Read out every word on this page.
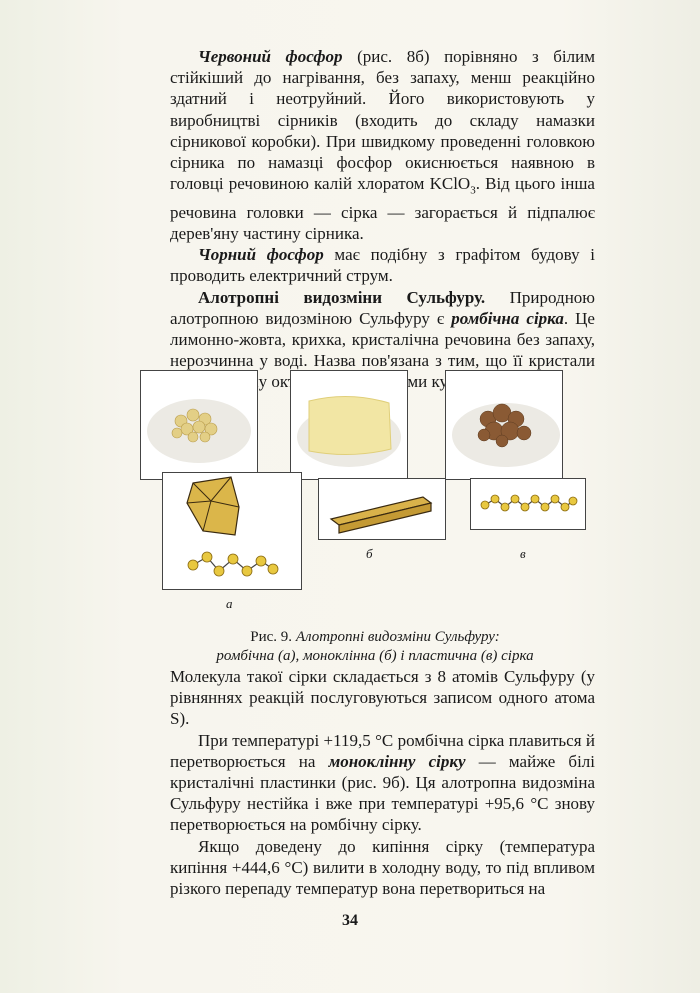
Червоний фосфор (рис. 8б) порівняно з білим стійкіший до нагрівання, без запаху, менш реакційно здатний і неотруйний. Його використовують у виробництві сірників (входить до складу намазки сірникової коробки). При швидкому проведенні головкою сірника по намазці фосфор окиснюється наявною в головці речовиною калій хлоратом KClO$_3$. Від цього інша речовина головки — сірка — загорається й підпалює дерев'яну частину сірника.

Чорний фосфор має подібну з графітом будову і проводить електричний струм.

Алотропні видозміни Сульфуру. Природною алотропною видозміною Сульфуру є ромбічна сірка. Це лимонно-жовта, крихка, кристалічна речовина без запаху, нерозчинна у воді. Назва пов'язана з тим, що її кристали

б	в
а
Рис. 9. Алотропні видозміни Сульфуру:
ромбічна (а), моноклінна (б) і пластична (в) сірка

Молекула такої сірки складається з 8 атомів Сульфуру (у рівняннях реакцій послуговуються записом одного атома S).

При температурі +119,5 °С ромбічна сірка плавиться й перетворюється на моноклінну сірку — майже білі кристалічні пластинки (рис. 9б). Ця алотропна видозміна Сульфуру нестійка і вже при температурі +95,6 °С знову перетворюється на ромбічну сірку.

Якщо доведену до кипіння сірку (температура кипіння +444,6 °С) вилити в холодну воду, то під впливом різкого перепаду температур вона перетвориться на

34
